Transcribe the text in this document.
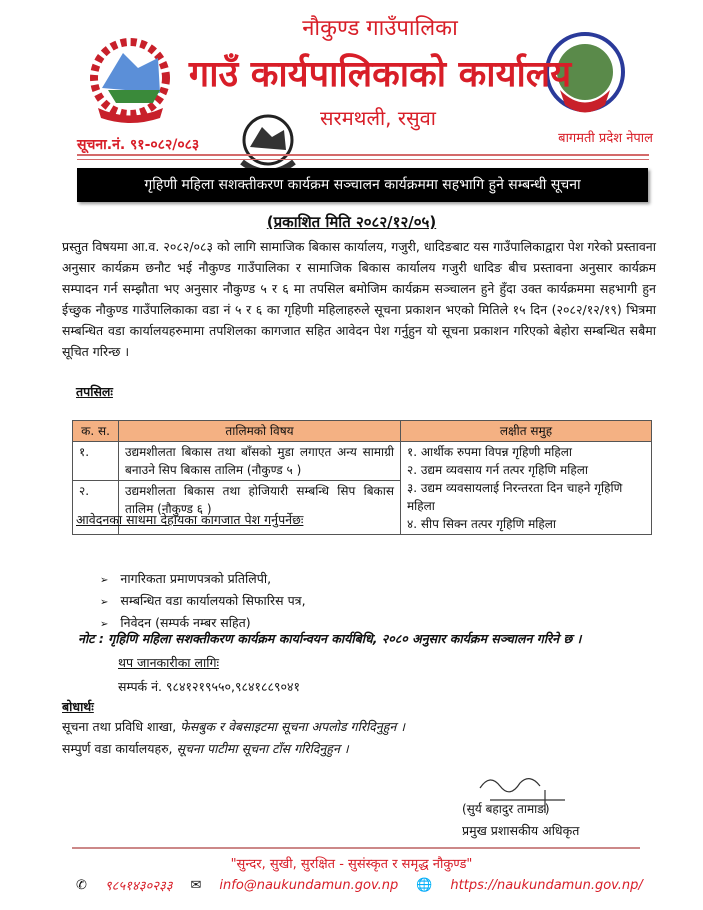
नौकुण्ड गाउँपालिका
गाउँ कार्यपालिकाको कार्यालय
सरमथली, रसुवा
सूचना.नं. ९१-०८२/०८३	बागमती प्रदेश नेपाल
गृहिणी महिला सशक्तीकरण कार्यक्रम सञ्चालन कार्यक्रममा सहभागि हुने सम्बन्धी सूचना
(प्रकाशित मिति २०८२/१२/०५)
प्रस्तुत विषयमा आ.व. २०८२/०८३ को लागि सामाजिक बिकास कार्यालय, गजुरी, धादिङबाट यस गाउँपालिकाद्वारा पेश गरेको प्रस्तावना अनुसार कार्यक्रम छनौट भई नौकुण्ड गाउँपालिका र सामाजिक बिकास कार्यालय गजुरी धादिङ बीच प्रस्तावना अनुसार कार्यक्रम सम्पादन गर्न सम्झौता भए अनुसार नौकुण्ड ५ र ६ मा तपसिल बमोजिम कार्यक्रम सञ्चालन हुने हुँदा उक्त कार्यक्रममा सहभागी हुन ईच्छुक नौकुण्ड गाउँपालिकाका वडा नं ५ र ६ का गृहिणी महिलाहरुले सूचना प्रकाशन भएको मितिले १५ दिन (२०८२/१२/१९) भित्रमा सम्बन्धित वडा कार्यालयहरुमामा तपशिलका कागजात सहित आवेदन पेश गर्नुहुन यो सूचना प्रकाशन गरिएको बेहोरा सम्बन्धित सबैमा सूचित गरिन्छ ।
तपसिलः
क. स.	तालिमको विषय	लक्षीत समुह
१.	उद्यमशीलता बिकास तथा बाँसको मुडा लगाएत अन्य सामाग्री बनाउने सिप बिकास तालिम (नौकुण्ड ५ )	१. आर्थीक रुपमा विपन्न गृहिणी महिला
२. उद्यम व्यवसाय गर्न तत्पर गृहिणि महिला
३. उद्यम व्यवसायलाई निरन्तरता दिन चाहने गृहिणि महिला
४. सीप सिक्न तत्पर गृहिणि महिला

२.	उद्यमशीलता बिकास तथा होजियारी सम्बन्धि सिप बिकास तालिम (नौकुण्ड ६ )	
आवेदनका साथमा देहायका कागजात पेश गर्नुपर्नेछः
➢ नागरिकता प्रमाणपत्रको प्रतिलिपी,
➢ सम्बन्धित वडा कार्यालयको सिफारिस पत्र,
➢ निवेदन (सम्पर्क नम्बर सहित)
नोट : गृहिणि महिला सशक्तीकरण कार्यक्रम कार्यान्वयन कार्यबिधि, २०८० अनुसार कार्यक्रम सञ्चालन गरिने छ ।
थप जानकारीका लागिः
सम्पर्क नं. ९८४१२१९५५०,९८४१८८९०४१
बोधार्थः
सूचना तथा प्रविधि शाखा, फेसबुक र वेबसाइटमा सूचना अपलोड गरिदिनुहुन ।
सम्पुर्ण वडा कार्यालयहरु, सूचना पाटीमा सूचना टाँस गरिदिनुहुन ।
(सुर्य बहादुर तामाङ)
प्रमुख प्रशासकीय अधिकृत
"सुन्दर, सुखी, सुरक्षित - सुसंस्कृत र समृद्ध नौकुण्ड"
✆ ९८५१४३०२३३ ✉ info@naukundamun.gov.np 🌐 https://naukundamun.gov.np/
